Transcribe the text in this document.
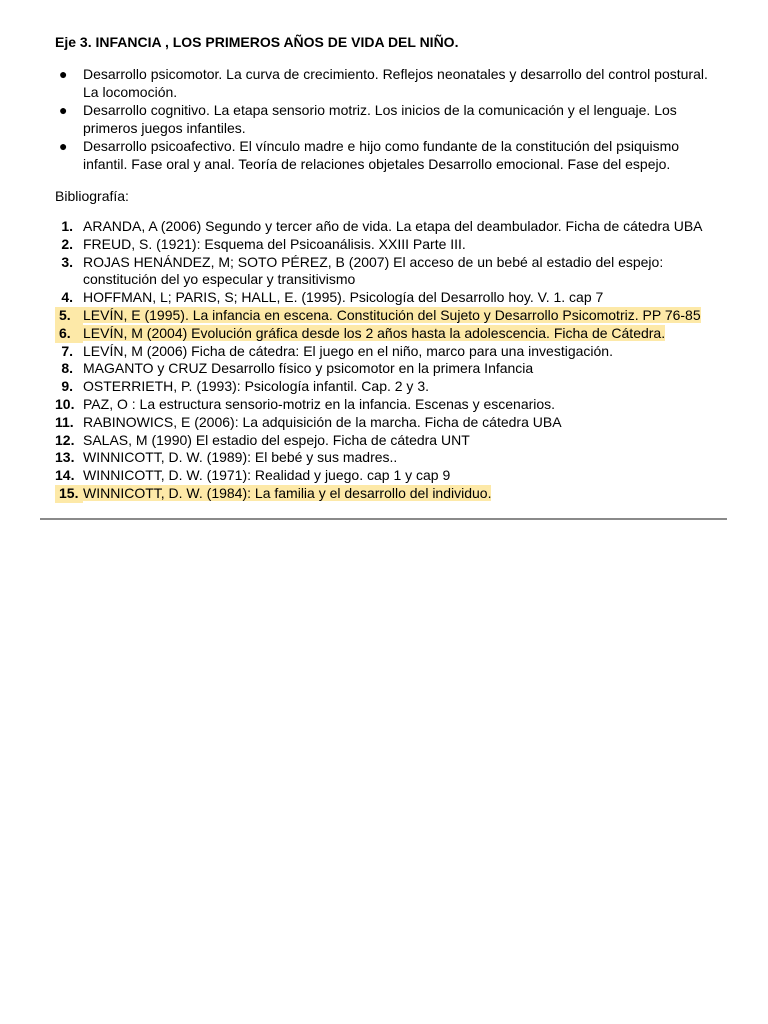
Eje 3. INFANCIA , LOS PRIMEROS AÑOS DE VIDA DEL NIÑO.
● Desarrollo psicomotor. La curva de crecimiento. Reflejos neonatales y desarrollo del control postural. La locomoción.
● Desarrollo cognitivo. La etapa sensorio motriz. Los inicios de la comunicación y el lenguaje. Los primeros juegos infantiles.
● Desarrollo psicoafectivo. El vínculo madre e hijo como fundante de la constitución del psiquismo infantil. Fase oral y anal. Teoría de relaciones objetales Desarrollo emocional. Fase del espejo.
Bibliografía:
1. ARANDA, A (2006) Segundo y tercer año de vida. La etapa del deambulador. Ficha de cátedra UBA
2. FREUD, S. (1921): Esquema del Psicoanálisis. XXIII Parte III.
3. ROJAS HENÁNDEZ, M; SOTO PÉREZ, B (2007) El acceso de un bebé al estadio del espejo: constitución del yo especular y transitivismo
4. HOFFMAN, L; PARIS, S; HALL, E. (1995). Psicología del Desarrollo hoy. V. 1. cap 7
5. LEVÍN, E (1995). La infancia en escena. Constitución del Sujeto y Desarrollo Psicomotriz. PP 76-85
6. LEVÍN, M (2004) Evolución gráfica desde los 2 años hasta la adolescencia. Ficha de Cátedra.
7. LEVÍN, M (2006) Ficha de cátedra: El juego en el niño, marco para una investigación.
8. MAGANTO y CRUZ Desarrollo físico y psicomotor en la primera Infancia
9. OSTERRIETH, P. (1993): Psicología infantil. Cap. 2 y 3.
10. PAZ, O : La estructura sensorio-motriz en la infancia. Escenas y escenarios.
11. RABINOWICS, E (2006): La adquisición de la marcha. Ficha de cátedra UBA
12. SALAS, M (1990) El estadio del espejo. Ficha de cátedra UNT
13. WINNICOTT, D. W. (1989): El bebé y sus madres..
14. WINNICOTT, D. W. (1971): Realidad y juego. cap 1 y cap 9
15. WINNICOTT, D. W. (1984): La familia y el desarrollo del individuo.
